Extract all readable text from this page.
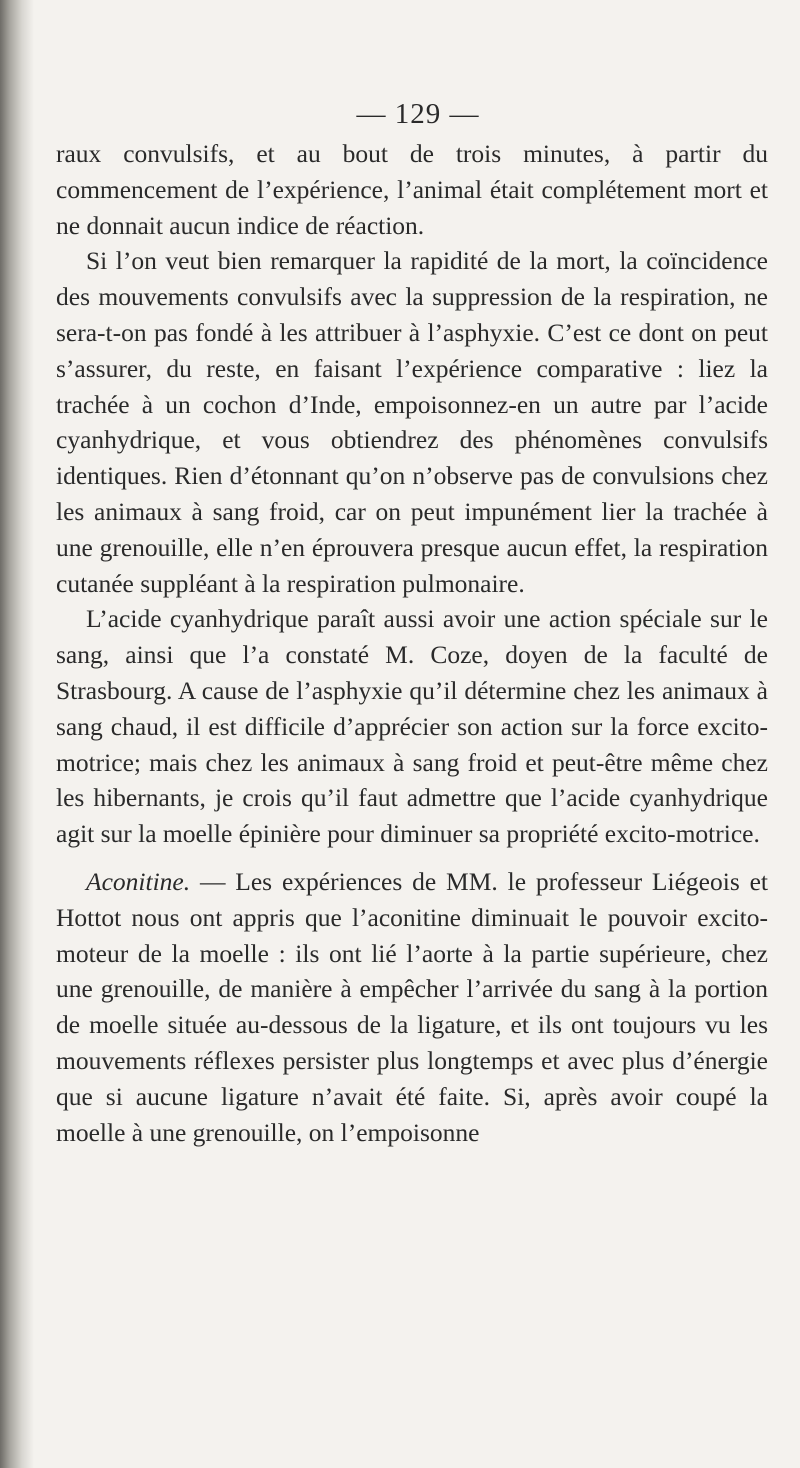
— 129 —

raux convulsifs, et au bout de trois minutes, à partir du commencement de l’expérience, l’animal était complétement mort et ne donnait aucun indice de réaction.

Si l’on veut bien remarquer la rapidité de la mort, la coïncidence des mouvements convulsifs avec la suppression de la respiration, ne sera-t-on pas fondé à les attribuer à l’asphyxie. C’est ce dont on peut s’assurer, du reste, en faisant l’expérience comparative : liez la trachée à un cochon d’Inde, empoisonnez-en un autre par l’acide cyanhydrique, et vous obtiendrez des phénomènes convulsifs identiques. Rien d’étonnant qu’on n’observe pas de convulsions chez les animaux à sang froid, car on peut impunément lier la trachée à une grenouille, elle n’en éprouvera presque aucun effet, la respiration cutanée suppléant à la respiration pulmonaire.

L’acide cyanhydrique paraît aussi avoir une action spéciale sur le sang, ainsi que l’a constaté M. Coze, doyen de la faculté de Strasbourg. A cause de l’asphyxie qu’il détermine chez les animaux à sang chaud, il est difficile d’apprécier son action sur la force excito-motrice; mais chez les animaux à sang froid et peut-être même chez les hibernants, je crois qu’il faut admettre que l’acide cyanhydrique agit sur la moelle épinière pour diminuer sa propriété excito-motrice.

Aconitine. — Les expériences de MM. le professeur Liégeois et Hottot nous ont appris que l’aconitine diminuait le pouvoir excito-moteur de la moelle : ils ont lié l’aorte à la partie supérieure, chez une grenouille, de manière à empêcher l’arrivée du sang à la portion de moelle située au-dessous de la ligature, et ils ont toujours vu les mouvements réflexes persister plus longtemps et avec plus d’énergie que si aucune ligature n’avait été faite. Si, après avoir coupé la moelle à une grenouille, on l’empoisonne
